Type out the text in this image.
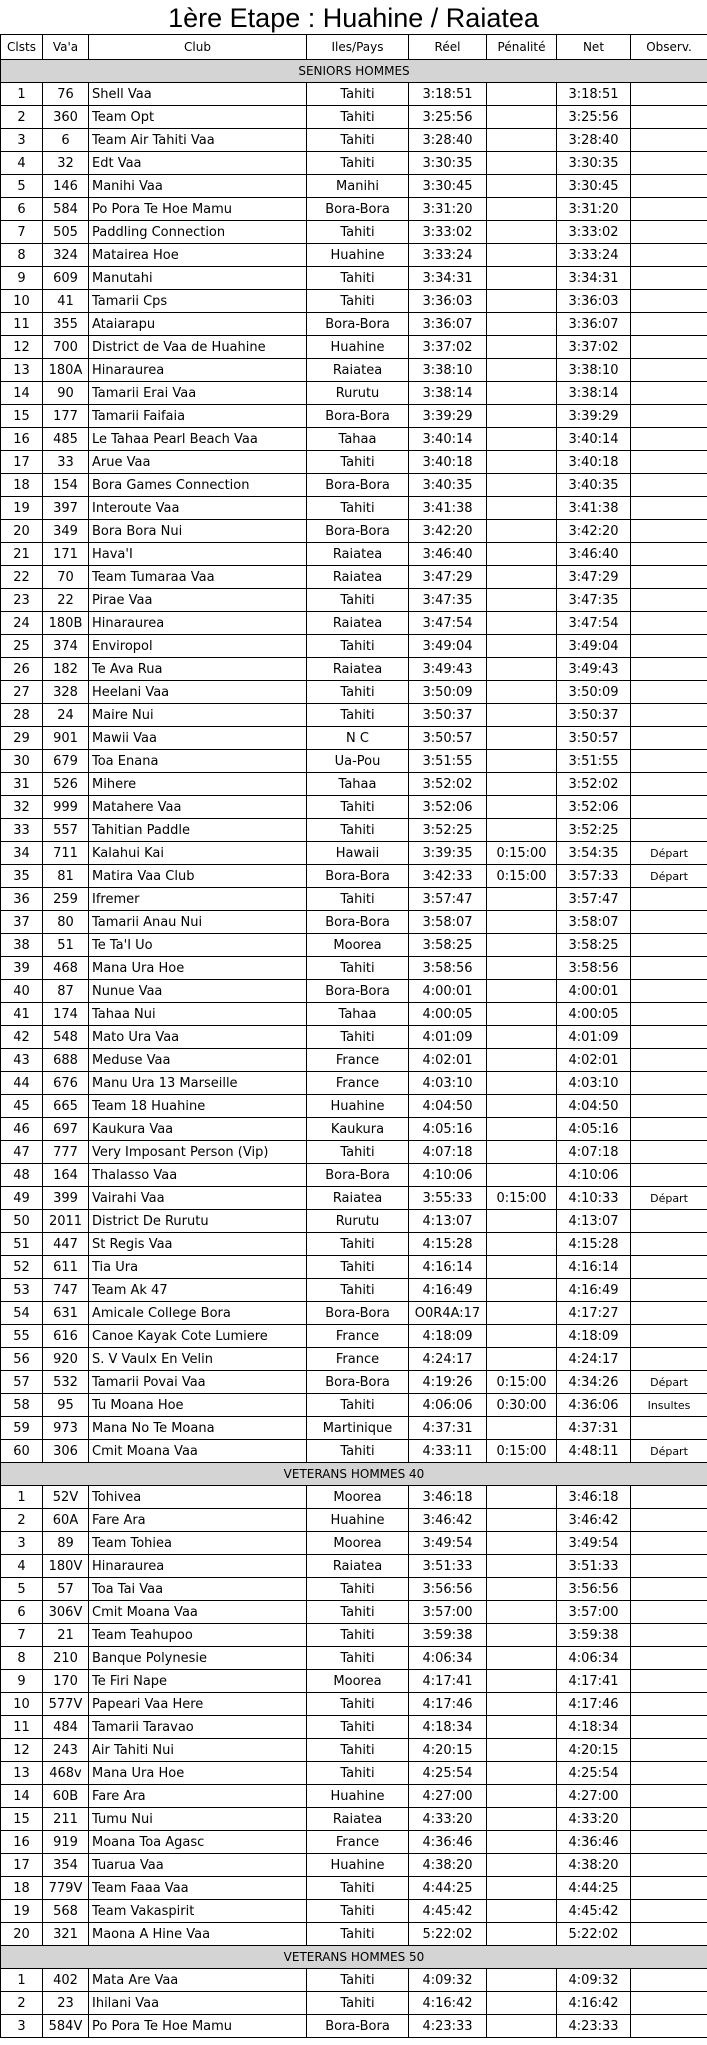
1ère Etape : Huahine / Raiatea
Clsts	Va'a	Club	Iles/Pays	Réel	Pénalité	Net	Observ.
SENIORS HOMMES							
1	76	Shell Vaa	Tahiti	3:18:51		3:18:51	
2	360	Team Opt	Tahiti	3:25:56		3:25:56	
3	6	Team Air Tahiti Vaa	Tahiti	3:28:40		3:28:40	
4	32	Edt Vaa	Tahiti	3:30:35		3:30:35	
5	146	Manihi Vaa	Manihi	3:30:45		3:30:45	
6	584	Po Pora Te Hoe Mamu	Bora-Bora	3:31:20		3:31:20	
7	505	Paddling Connection	Tahiti	3:33:02		3:33:02	
8	324	Matairea Hoe	Huahine	3:33:24		3:33:24	
9	609	Manutahi	Tahiti	3:34:31		3:34:31	
10	41	Tamarii Cps	Tahiti	3:36:03		3:36:03	
11	355	Ataiarapu	Bora-Bora	3:36:07		3:36:07	
12	700	District de Vaa de Huahine	Huahine	3:37:02		3:37:02	
13	180A	Hinaraurea	Raiatea	3:38:10		3:38:10	
14	90	Tamarii Erai Vaa	Rurutu	3:38:14		3:38:14	
15	177	Tamarii Faifaia	Bora-Bora	3:39:29		3:39:29	
16	485	Le Tahaa Pearl Beach Vaa	Tahaa	3:40:14		3:40:14	
17	33	Arue Vaa	Tahiti	3:40:18		3:40:18	
18	154	Bora Games Connection	Bora-Bora	3:40:35		3:40:35	
19	397	Interoute Vaa	Tahiti	3:41:38		3:41:38	
20	349	Bora Bora Nui	Bora-Bora	3:42:20		3:42:20	
21	171	Hava'I	Raiatea	3:46:40		3:46:40	
22	70	Team Tumaraa Vaa	Raiatea	3:47:29		3:47:29	
23	22	Pirae Vaa	Tahiti	3:47:35		3:47:35	
24	180B	Hinaraurea	Raiatea	3:47:54		3:47:54	
25	374	Enviropol	Tahiti	3:49:04		3:49:04	
26	182	Te Ava Rua	Raiatea	3:49:43		3:49:43	
27	328	Heelani Vaa	Tahiti	3:50:09		3:50:09	
28	24	Maire Nui	Tahiti	3:50:37		3:50:37	
29	901	Mawii Vaa	N C	3:50:57		3:50:57	
30	679	Toa Enana	Ua-Pou	3:51:55		3:51:55	
31	526	Mihere	Tahaa	3:52:02		3:52:02	
32	999	Matahere Vaa	Tahiti	3:52:06		3:52:06	
33	557	Tahitian Paddle	Tahiti	3:52:25		3:52:25	
34	711	Kalahui Kai	Hawaii	3:39:35	0:15:00	3:54:35	Départ
35	81	Matira Vaa Club	Bora-Bora	3:42:33	0:15:00	3:57:33	Départ
36	259	Ifremer	Tahiti	3:57:47		3:57:47	
37	80	Tamarii Anau Nui	Bora-Bora	3:58:07		3:58:07	
38	51	Te Ta'I Uo	Moorea	3:58:25		3:58:25	
39	468	Mana Ura Hoe	Tahiti	3:58:56		3:58:56	
40	87	Nunue Vaa	Bora-Bora	4:00:01		4:00:01	
41	174	Tahaa Nui	Tahaa	4:00:05		4:00:05	
42	548	Mato Ura Vaa	Tahiti	4:01:09		4:01:09	
43	688	Meduse Vaa	France	4:02:01		4:02:01	
44	676	Manu Ura 13 Marseille	France	4:03:10		4:03:10	
45	665	Team 18 Huahine	Huahine	4:04:50		4:04:50	
46	697	Kaukura Vaa	Kaukura	4:05:16		4:05:16	
47	777	Very Imposant Person (Vip)	Tahiti	4:07:18		4:07:18	
48	164	Thalasso Vaa	Bora-Bora	4:10:06		4:10:06	
49	399	Vairahi Vaa	Raiatea	3:55:33	0:15:00	4:10:33	Départ
50	2011	District De Rurutu	Rurutu	4:13:07		4:13:07	
51	447	St Regis Vaa	Tahiti	4:15:28		4:15:28	
52	611	Tia Ura	Tahiti	4:16:14		4:16:14	
53	747	Team Ak 47	Tahiti	4:16:49		4:16:49	
54	631	Amicale College Bora	Bora-Bora	O0R4A:17		4:17:27	
55	616	Canoe Kayak Cote Lumiere	France	4:18:09		4:18:09	
56	920	S. V Vaulx En Velin	France	4:24:17		4:24:17	
57	532	Tamarii Povai Vaa	Bora-Bora	4:19:26	0:15:00	4:34:26	Départ
58	95	Tu Moana Hoe	Tahiti	4:06:06	0:30:00	4:36:06	Insultes
59	973	Mana No Te Moana	Martinique	4:37:31		4:37:31	
60	306	Cmit Moana Vaa	Tahiti	4:33:11	0:15:00	4:48:11	Départ
VETERANS HOMMES 40							
1	52V	Tohivea	Moorea	3:46:18		3:46:18	
2	60A	Fare Ara	Huahine	3:46:42		3:46:42	
3	89	Team Tohiea	Moorea	3:49:54		3:49:54	
4	180V	Hinaraurea	Raiatea	3:51:33		3:51:33	
5	57	Toa Tai Vaa	Tahiti	3:56:56		3:56:56	
6	306V	Cmit Moana Vaa	Tahiti	3:57:00		3:57:00	
7	21	Team Teahupoo	Tahiti	3:59:38		3:59:38	
8	210	Banque Polynesie	Tahiti	4:06:34		4:06:34	
9	170	Te Firi Nape	Moorea	4:17:41		4:17:41	
10	577V	Papeari Vaa Here	Tahiti	4:17:46		4:17:46	
11	484	Tamarii Taravao	Tahiti	4:18:34		4:18:34	
12	243	Air Tahiti Nui	Tahiti	4:20:15		4:20:15	
13	468v	Mana Ura Hoe	Tahiti	4:25:54		4:25:54	
14	60B	Fare Ara	Huahine	4:27:00		4:27:00	
15	211	Tumu Nui	Raiatea	4:33:20		4:33:20	
16	919	Moana Toa Agasc	France	4:36:46		4:36:46	
17	354	Tuarua Vaa	Huahine	4:38:20		4:38:20	
18	779V	Team Faaa Vaa	Tahiti	4:44:25		4:44:25	
19	568	Team Vakaspirit	Tahiti	4:45:42		4:45:42	
20	321	Maona A Hine Vaa	Tahiti	5:22:02		5:22:02	
VETERANS HOMMES 50							
1	402	Mata Are Vaa	Tahiti	4:09:32		4:09:32	
2	23	Ihilani Vaa	Tahiti	4:16:42		4:16:42	
3	584V	Po Pora Te Hoe Mamu	Bora-Bora	4:23:33		4:23:33	
